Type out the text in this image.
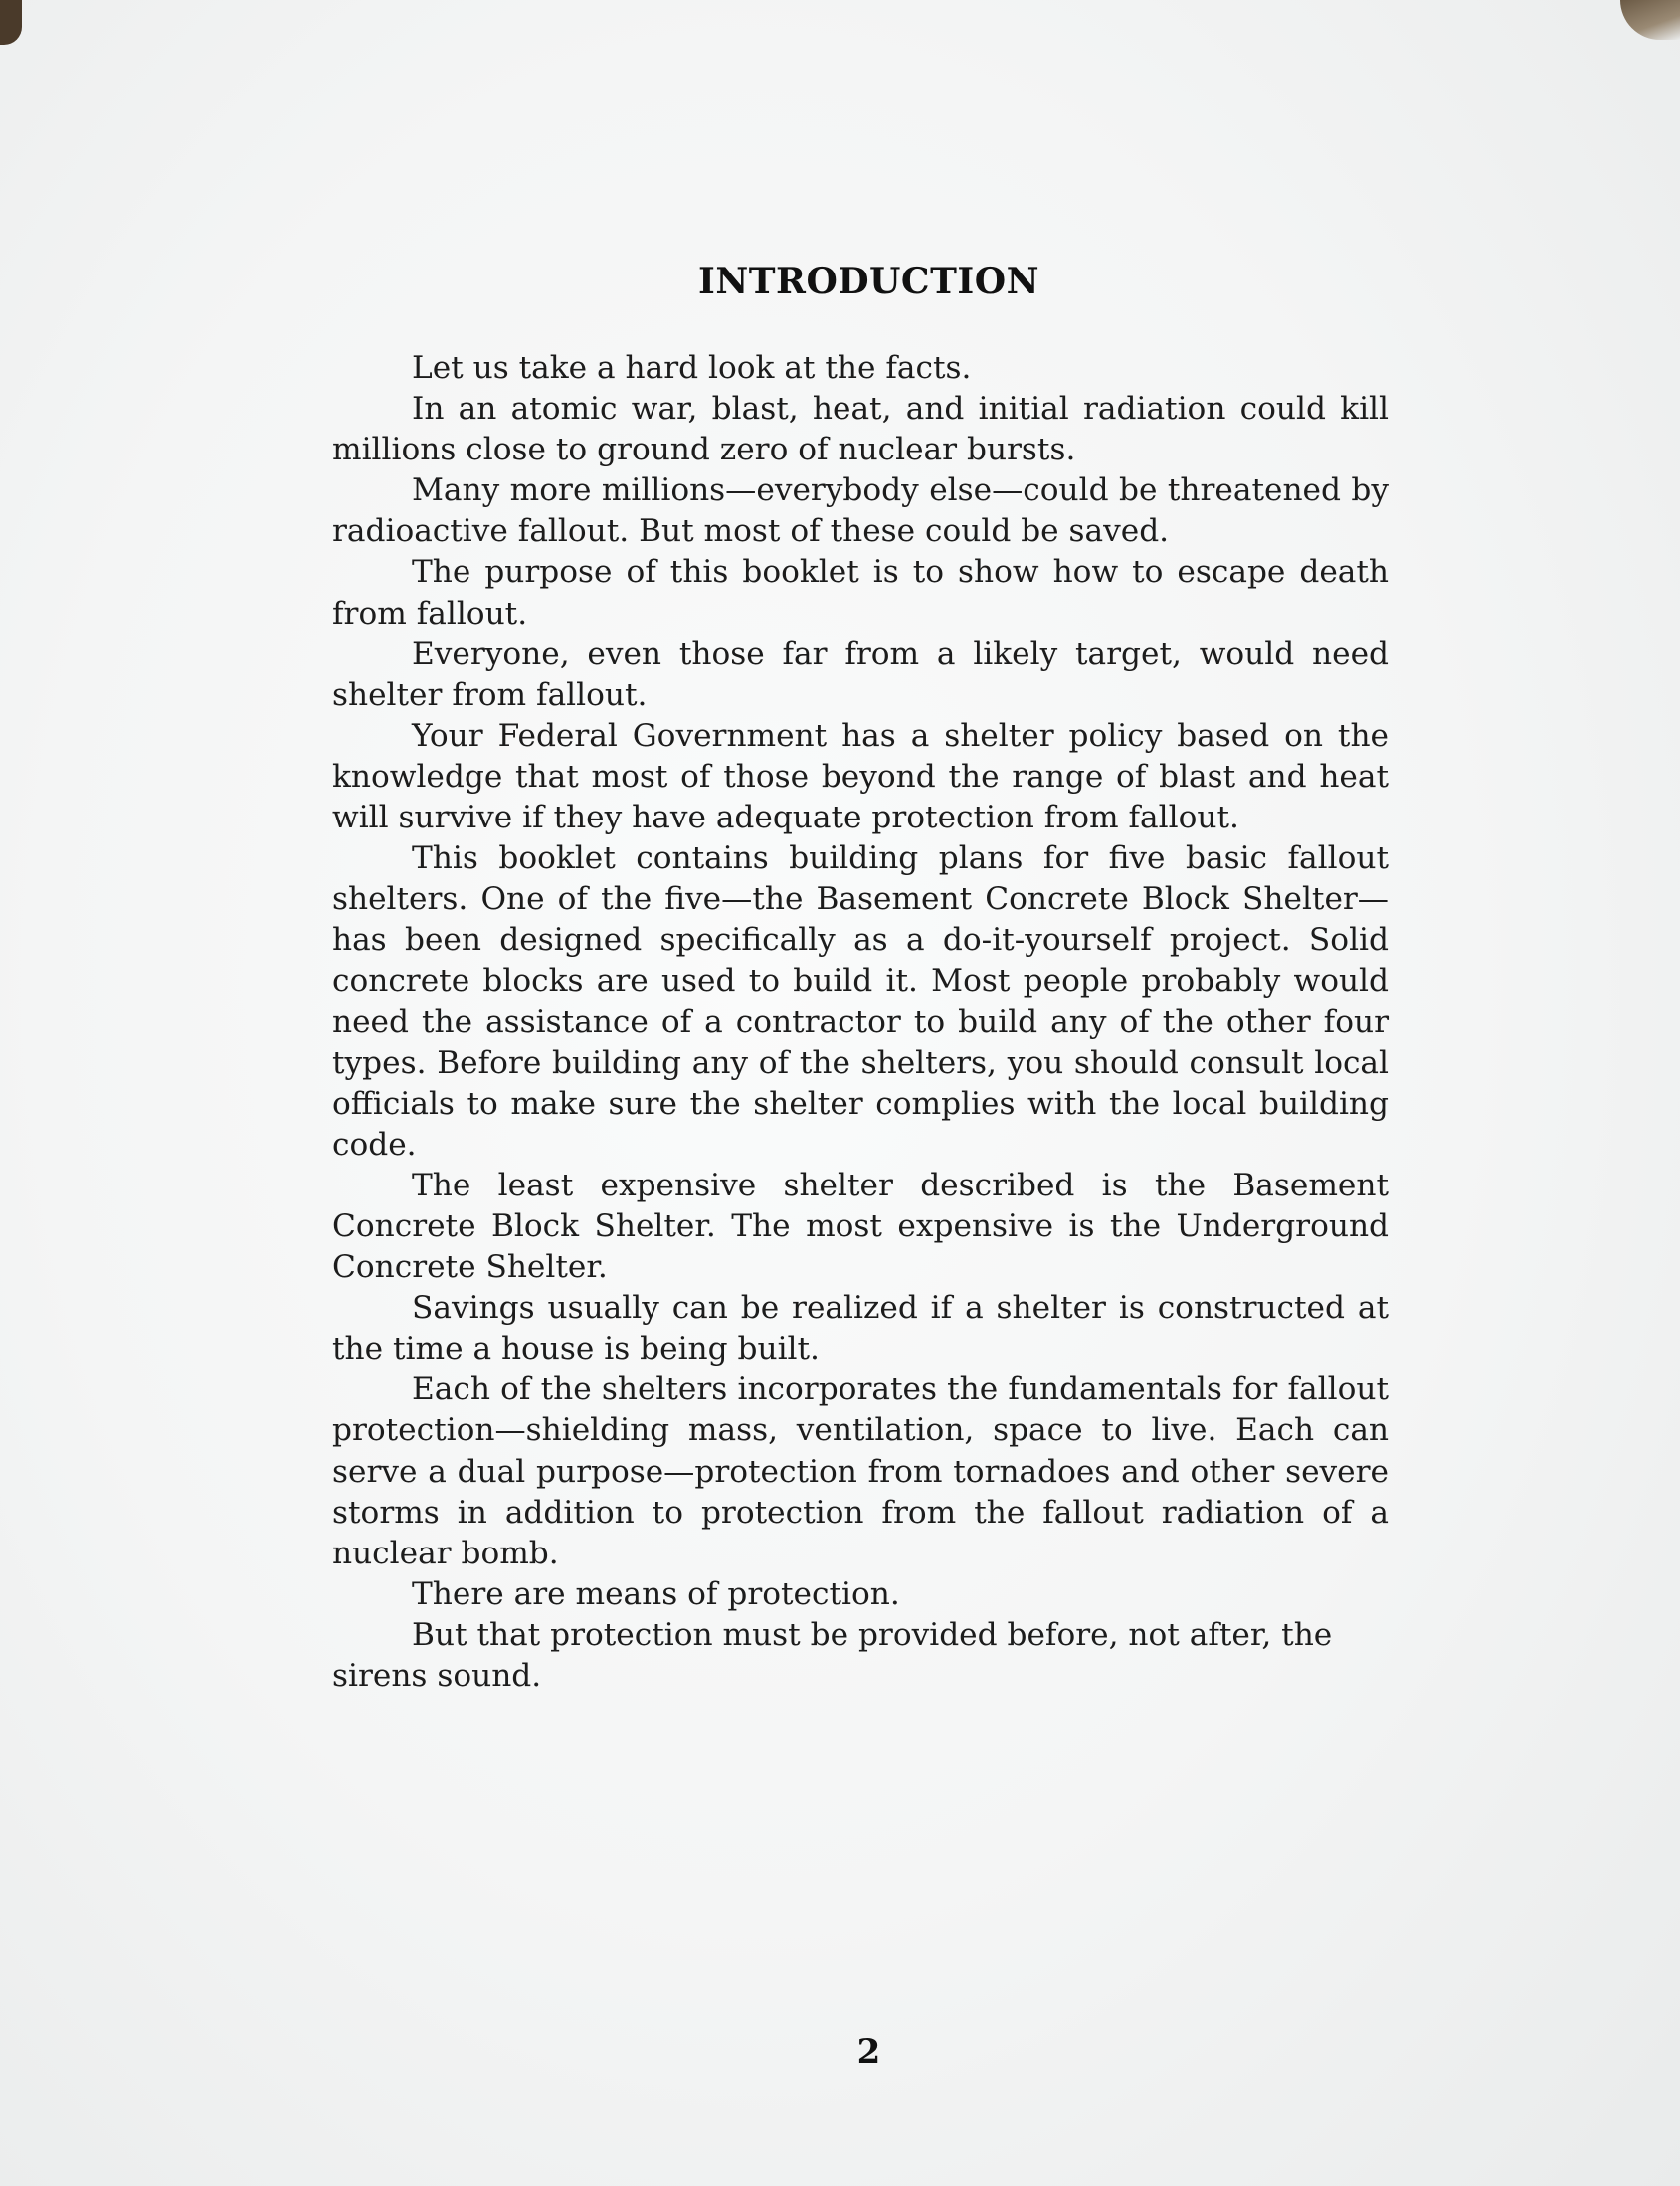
INTRODUCTION

Let us take a hard look at the facts.

In an atomic war, blast, heat, and initial radiation could kill millions close to ground zero of nuclear bursts.

Many more millions—everybody else—could be threatened by radioactive fallout. But most of these could be saved.

The purpose of this booklet is to show how to escape death from fallout.

Everyone, even those far from a likely target, would need shelter from fallout.

Your Federal Government has a shelter policy based on the knowledge that most of those beyond the range of blast and heat will survive if they have adequate protection from fallout.

This booklet contains building plans for five basic fallout shelters. One of the five—the Basement Concrete Block Shelter—has been designed specifically as a do-it-yourself project. Solid concrete blocks are used to build it. Most people probably would need the assistance of a contractor to build any of the other four types. Before building any of the shelters, you should consult local officials to make sure the shelter complies with the local building code.

The least expensive shelter described is the Basement Concrete Block Shelter. The most expensive is the Underground Concrete Shelter.

Savings usually can be realized if a shelter is constructed at the time a house is being built.

Each of the shelters incorporates the fundamentals for fallout protection—shielding mass, ventilation, space to live. Each can serve a dual purpose—protection from tornadoes and other severe storms in addition to protection from the fallout radiation of a nuclear bomb.

There are means of protection.

But that protection must be provided before, not after, the sirens sound.

2
